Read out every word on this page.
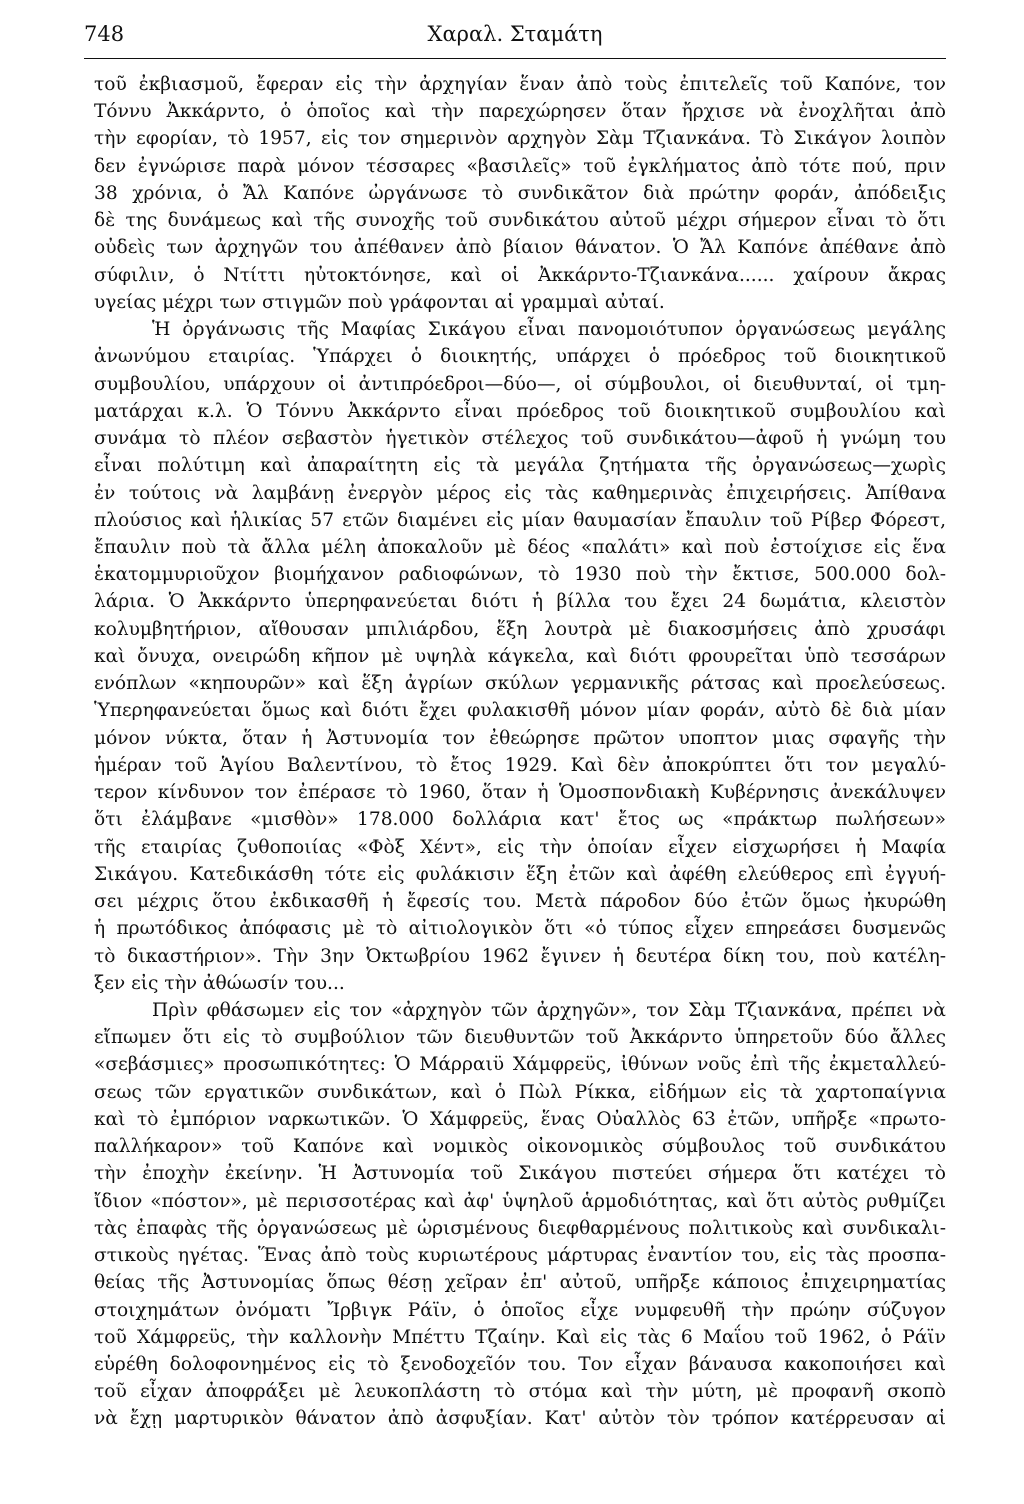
748	Χαραλ. Σταμάτη
τοῦ ἐκβιασμοῦ, ἔφεραν εἰς τὴν ἀρχηγίαν ἕναν ἀπὸ τοὺς ἐπιτελεῖς τοῦ Καπόνε, τον
Τόννυ Ἀκκάρντο, ὁ ὁποῖος καὶ τὴν παρεχώρησεν ὅταν ἤρχισε νὰ ἐνοχλῆται ἀπὸ
τὴν εφορίαν, τὸ 1957, εἰς τον σημερινὸν αρχηγὸν Σὰμ Τζιανκάνα. Τὸ Σικάγον λοιπὸν
δεν ἐγνώρισε παρὰ μόνον τέσσαρες «βασιλεῖς» τοῦ ἐγκλήματος ἀπὸ τότε πού, πριν
38 χρόνια, ὁ Ἄλ Καπόνε ὠργάνωσε τὸ συνδικᾶτον διὰ πρώτην φοράν, ἀπόδειξις
δὲ της δυνάμεως καὶ τῆς συνοχῆς τοῦ συνδικάτου αὐτοῦ μέχρι σήμερον εἶναι τὸ ὅτι
οὐδεὶς των ἀρχηγῶν του ἀπέθανεν ἀπὸ βίαιον θάνατον. Ὁ Ἄλ Καπόνε ἀπέθανε ἀπὸ
σύφιλιν, ὁ Ντίττι ηὐτοκτόνησε, καὶ οἱ Ἀκκάρντο-Τζιανκάνα...... χαίρουν ἄκρας
υγείας μέχρι των στιγμῶν ποὺ γράφονται αἱ γραμμαὶ αὐταί.
Ἡ ὀργάνωσις τῆς Μαφίας Σικάγου εἶναι πανομοιότυπον ὀργανώσεως μεγάλης
ἀνωνύμου εταιρίας. Ὑπάρχει ὁ διοικητής, υπάρχει ὁ πρόεδρος τοῦ διοικητικοῦ
συμβουλίου, υπάρχουν οἱ ἀντιπρόεδροι—δύο—, οἱ σύμβουλοι, οἱ διευθυνταί, οἱ τμη-
ματάρχαι κ.λ. Ὁ Τόννυ Ἀκκάρντο εἶναι πρόεδρος τοῦ διοικητικοῦ συμβουλίου καὶ
συνάμα τὸ πλέον σεβαστὸν ἡγετικὸν στέλεχος τοῦ συνδικάτου—ἀφοῦ ἡ γνώμη του
εἶναι πολύτιμη καὶ ἀπαραίτητη εἰς τὰ μεγάλα ζητήματα τῆς ὀργανώσεως—χωρὶς
ἐν τούτοις νὰ λαμβάνῃ ἐνεργὸν μέρος εἰς τὰς καθημερινὰς ἐπιχειρήσεις. Ἀπίθανα
πλούσιος καὶ ἡλικίας 57 ετῶν διαμένει εἰς μίαν θαυμασίαν ἔπαυλιν τοῦ Ρίβερ Φόρεστ,
ἔπαυλιν ποὺ τὰ ἄλλα μέλη ἀποκαλοῦν μὲ δέος «παλάτι» καὶ ποὺ ἐστοίχισε εἰς ἕνα
ἑκατομμυριοῦχον βιομήχανον ραδιοφώνων, τὸ 1930 ποὺ τὴν ἔκτισε, 500.000 δολ-
λάρια. Ὁ Ἀκκάρντο ὑπερηφανεύεται διότι ἡ βίλλα του ἔχει 24 δωμάτια, κλειστὸν
κολυμβητήριον, αἴθουσαν μπιλιάρδου, ἕξη λουτρὰ μὲ διακοσμήσεις ἀπὸ χρυσάφι
καὶ ὄνυχα, ονειρώδη κῆπον μὲ υψηλὰ κάγκελα, καὶ διότι φρουρεῖται ὑπὸ τεσσάρων
ενόπλων «κηπουρῶν» καὶ ἕξη ἀγρίων σκύλων γερμανικῆς ράτσας καὶ προελεύσεως.
Ὑπερηφανεύεται ὅμως καὶ διότι ἔχει φυλακισθῆ μόνον μίαν φοράν, αὐτὸ δὲ διὰ μίαν
μόνον νύκτα, ὅταν ἡ Ἀστυνομία τον ἐθεώρησε πρῶτον υποπτον μιας σφαγῆς τὴν
ἡμέραν τοῦ Ἁγίου Βαλεντίνου, τὸ ἔτος 1929. Καὶ δὲν ἀποκρύπτει ὅτι τον μεγαλύ-
τερον κίνδυνον τον ἐπέρασε τὸ 1960, ὅταν ἡ Ὁμοσπονδιακὴ Κυβέρνησις ἀνεκάλυψεν
ὅτι ἐλάμβανε «μισθὸν» 178.000 δολλάρια κατ' ἔτος ως «πράκτωρ πωλήσεων»
τῆς εταιρίας ζυθοποιίας «Φὸξ Χέντ», εἰς τὴν ὁποίαν εἶχεν εἰσχωρήσει ἡ Μαφία
Σικάγου. Κατεδικάσθη τότε εἰς φυλάκισιν ἕξη ἐτῶν καὶ ἀφέθη ελεύθερος επὶ ἐγγυή-
σει μέχρις ὅτου ἐκδικασθῆ ἡ ἔφεσίς του. Μετὰ πάροδον δύο ἐτῶν ὅμως ἠκυρώθη
ἡ πρωτόδικος ἀπόφασις μὲ τὸ αἰτιολογικὸν ὅτι «ὁ τύπος εἶχεν επηρεάσει δυσμενῶς
τὸ δικαστήριον». Τὴν 3ην Ὀκτωβρίου 1962 ἔγινεν ἡ δευτέρα δίκη του, ποὺ κατέλη-
ξεν εἰς τὴν ἀθώωσίν του...
Πρὶν φθάσωμεν εἰς τον «ἀρχηγὸν τῶν ἀρχηγῶν», τον Σὰμ Τζιανκάνα, πρέπει νὰ
εἴπωμεν ὅτι εἰς τὸ συμβούλιον τῶν διευθυντῶν τοῦ Ἀκκάρντο ὑπηρετοῦν δύο ἄλλες
«σεβάσμιες» προσωπικότητες: Ὁ Μάρραιϋ Χάμφρεϋς, ἰθύνων νοῦς ἐπὶ τῆς ἐκμεταλλεύ-
σεως τῶν εργατικῶν συνδικάτων, καὶ ὁ Πὼλ Ρίκκα, εἰδήμων εἰς τὰ χαρτοπαίγνια
καὶ τὸ ἐμπόριον ναρκωτικῶν. Ὁ Χάμφρεϋς, ἕνας Οὐαλλὸς 63 ἐτῶν, υπῆρξε «πρωτο-
παλλήκαρον» τοῦ Καπόνε καὶ νομικὸς οἰκονομικὸς σύμβουλος τοῦ συνδικάτου
τὴν ἐποχὴν ἐκείνην. Ἡ Ἀστυνομία τοῦ Σικάγου πιστεύει σήμερα ὅτι κατέχει τὸ
ἴδιον «πόστον», μὲ περισσοτέρας καὶ ἀφ' ὑψηλοῦ ἁρμοδιότητας, καὶ ὅτι αὐτὸς ρυθμίζει
τὰς ἐπαφὰς τῆς ὀργανώσεως μὲ ὡρισμένους διεφθαρμένους πολιτικοὺς καὶ συνδικαλι-
στικοὺς ηγέτας. Ἕνας ἀπὸ τοὺς κυριωτέρους μάρτυρας ἐναντίον του, εἰς τὰς προσπα-
θείας τῆς Ἀστυνομίας ὅπως θέσῃ χεῖραν ἐπ' αὐτοῦ, υπῆρξε κάποιος ἐπιχειρηματίας
στοιχημάτων ὀνόματι Ἴρβιγκ Ράϊν, ὁ ὁποῖος εἶχε νυμφευθῆ τὴν πρώην σύζυγον
τοῦ Χάμφρεϋς, τὴν καλλονὴν Μπέττυ Τζαίην. Καὶ εἰς τὰς 6 Μαΐου τοῦ 1962, ὁ Ράϊν
εὑρέθη δολοφονημένος εἰς τὸ ξενοδοχεῖόν του. Τον εἶχαν βάναυσα κακοποιήσει καὶ
τοῦ εἶχαν ἀποφράξει μὲ λευκοπλάστη τὸ στόμα καὶ τὴν μύτη, μὲ προφανῆ σκοπὸ
νὰ ἔχῃ μαρτυρικὸν θάνατον ἀπὸ ἀσφυξίαν. Κατ' αὐτὸν τὸν τρόπον κατέρρευσαν αἱ
